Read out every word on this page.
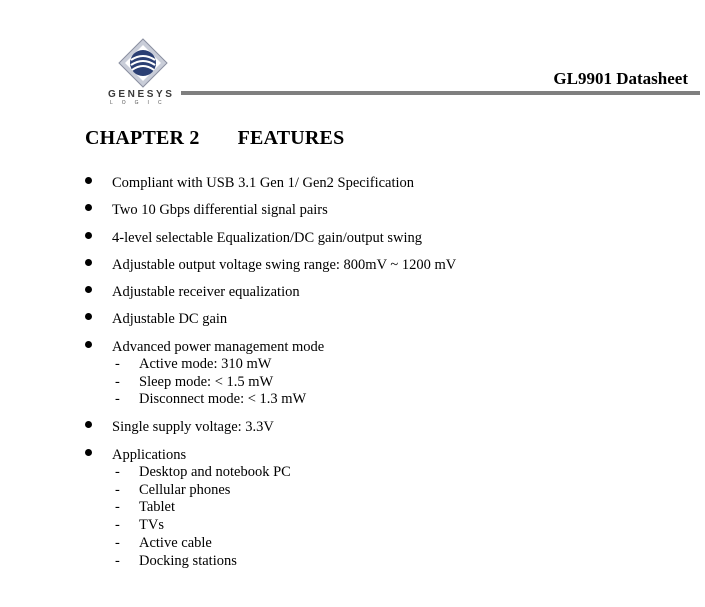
GENESYS
LOGIC
GL9901 Datasheet
CHAPTER 2 FEATURES
Compliant with USB 3.1 Gen 1/ Gen2 Specification
Two 10 Gbps differential signal pairs
4-level selectable Equalization/DC gain/output swing
Adjustable output voltage swing range: 800mV ~ 1200 mV
Adjustable receiver equalization
Adjustable DC gain
Advanced power management mode
- Active mode: 310 mW
- Sleep mode: < 1.5 mW
- Disconnect mode: < 1.3 mW
Single supply voltage: 3.3V
Applications
- Desktop and notebook PC
- Cellular phones
- Tablet
- TVs
- Active cable
- Docking stations
